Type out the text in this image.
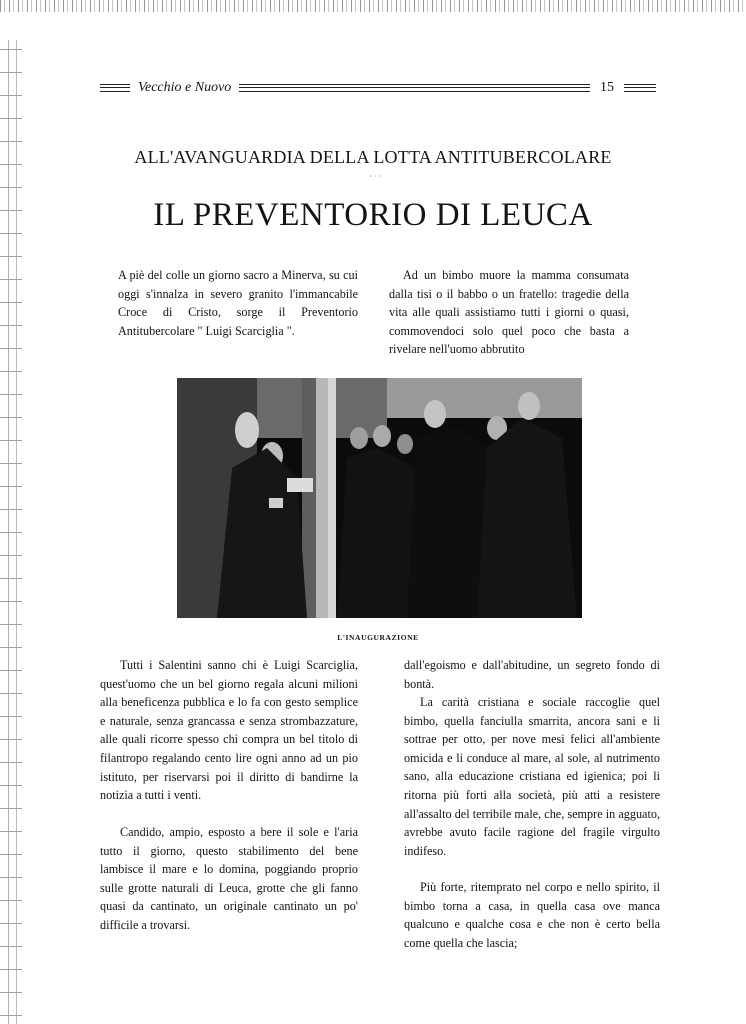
Vecchio e Nuovo	15
ALL'AVANGUARDIA DELLA LOTTA ANTITUBERCOLARE
· · ·
IL PREVENTORIO DI LEUCA

A piè del colle un giorno sacro a Minerva, su cui oggi s'innalza in severo granito l'immancabile Croce di Cristo, sorge il Preventorio Antitubercolare " Luigi Scarciglia ".

Ad un bimbo muore la mamma consumata dalla tisi o il babbo o un fratello: tragedie della vita alle quali assistiamo tutti i giorni o quasi, commovendoci solo quel poco che basta a rivelare nell'uomo abbrutito

L'INAUGURAZIONE

Tutti i Salentini sanno chi è Luigi Scarciglia, quest'uomo che un bel giorno regala alcuni milioni alla beneficenza pubblica e lo fa con gesto semplice e naturale, senza grancassa e senza strombazzature, alle quali ricorre spesso chi compra un bel titolo di filantropo regalando cento lire ogni anno ad un pio istituto, per riservarsi poi il diritto di bandirne la notizia a tutti i venti.

Candido, ampio, esposto a bere il sole e l'aria tutto il giorno, questo stabilimento del bene lambisce il mare e lo domina, poggiando proprio sulle grotte naturali di Leuca, grotte che gli fanno quasi da cantinato, un originale cantinato un po' difficile a trovarsi.

dall'egoismo e dall'abitudine, un segreto fondo di bontà.

La carità cristiana e sociale raccoglie quel bimbo, quella fanciulla smarrita, ancora sani e li sottrae per otto, per nove mesi felici all'ambiente omicida e li conduce al mare, al sole, al nutrimento sano, alla educazione cristiana ed igienica; poi li ritorna più forti alla società, più atti a resistere all'assalto del terribile male, che, sempre in agguato, avrebbe avuto facile ragione del fragile virgulto indifeso.

Più forte, ritemprato nel corpo e nello spirito, il bimbo torna a casa, in quella casa ove manca qualcuno e qualche cosa e che non è certo bella come quella che lascia;
